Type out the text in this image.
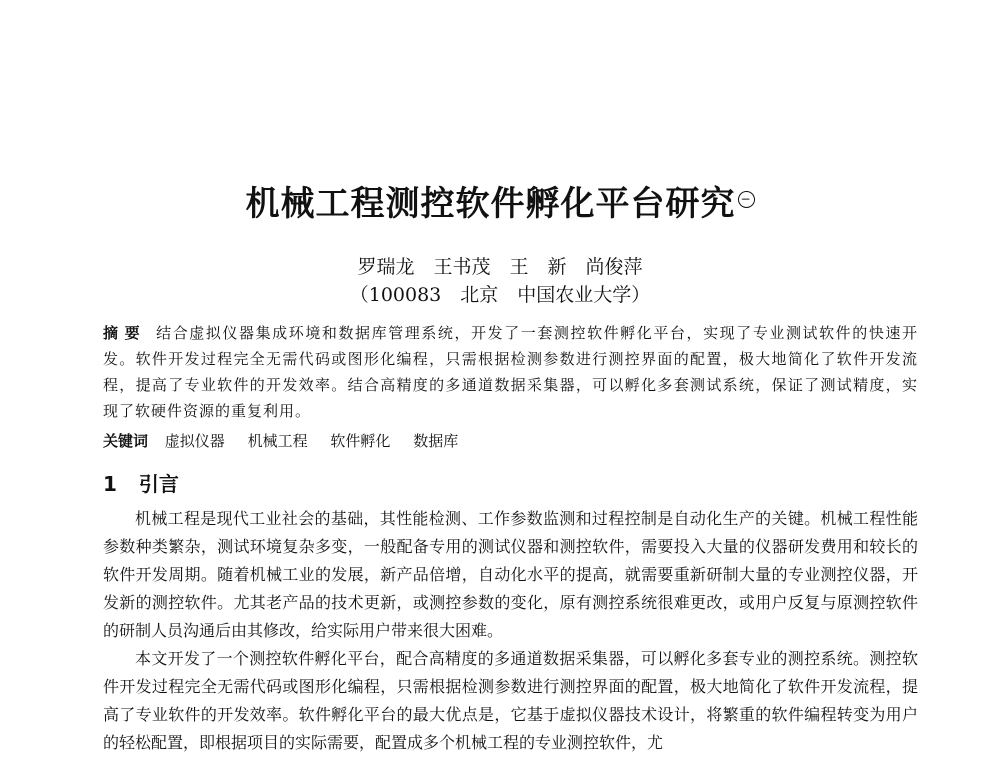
机械工程测控软件孵化平台研究 −
罗瑞龙　王书茂　王　新　尚俊萍
（100083　北京　中国农业大学）
摘要 结合虚拟仪器集成环境和数据库管理系统，开发了一套测控软件孵化平台，实现了专业测试软件的快速开发。软件开发过程完全无需代码或图形化编程，只需根据检测参数进行测控界面的配置，极大地简化了软件开发流程，提高了专业软件的开发效率。结合高精度的多通道数据采集器，可以孵化多套测试系统，保证了测试精度，实现了软硬件资源的重复利用。
关键词 虚拟仪器 机械工程 软件孵化 数据库
1 引言

机械工程是现代工业社会的基础，其性能检测、工作参数监测和过程控制是自动化生产的关键。机械工程性能参数种类繁杂，测试环境复杂多变，一般配备专用的测试仪器和测控软件，需要投入大量的仪器研发费用和较长的软件开发周期。随着机械工业的发展，新产品倍增，自动化水平的提高，就需要重新研制大量的专业测控仪器，开发新的测控软件。尤其老产品的技术更新，或测控参数的变化，原有测控系统很难更改，或用户反复与原测控软件的研制人员沟通后由其修改，给实际用户带来很大困难。

本文开发了一个测控软件孵化平台，配合高精度的多通道数据采集器，可以孵化多套专业的测控系统。测控软件开发过程完全无需代码或图形化编程，只需根据检测参数进行测控界面的配置，极大地简化了软件开发流程，提高了专业软件的开发效率。软件孵化平台的最大优点是，它基于虚拟仪器技术设计，将繁重的软件编程转变为用户的轻松配置，即根据项目的实际需要，配置成多个机械工程的专业测控软件，尤
